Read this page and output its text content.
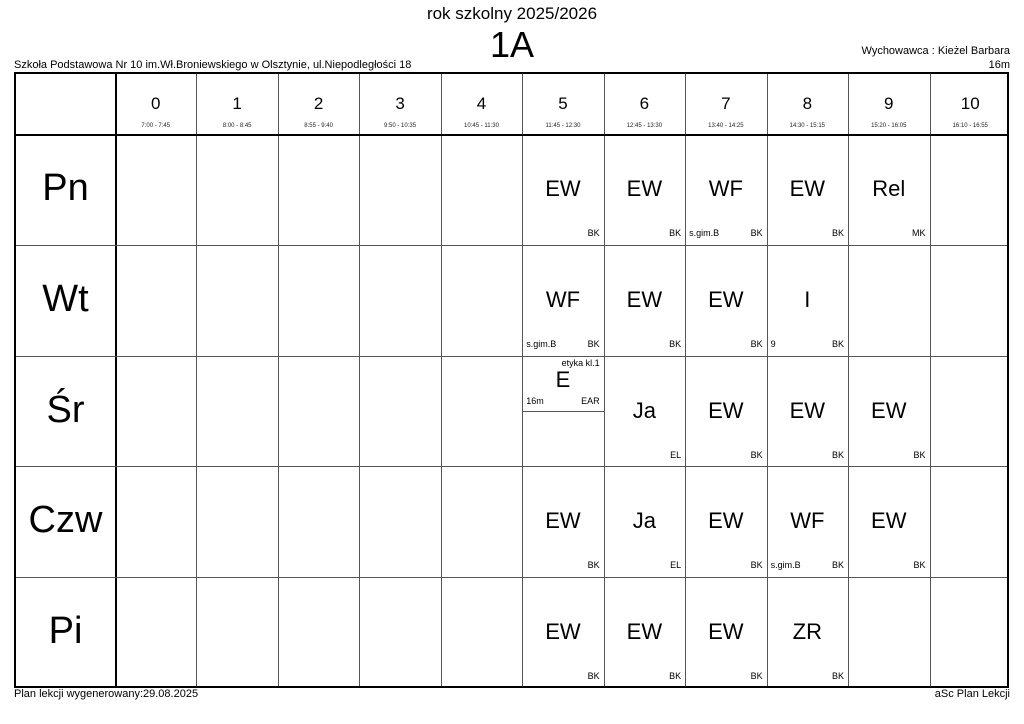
rok szkolny 2025/2026
1A
Szkoła Podstawowa Nr 10 im.Wł.Broniewskiego w Olsztynie, ul.Niepodległości 18
Wychowawca : Kieżel Barbara
16m
0
7:00 - 7:45
1
8:00 - 8:45
2
8:55 - 9:40
3
9:50 - 10:35
4
10:45 - 11:30
5
11:45 - 12:30
6
12:45 - 13:30
7
13:40 - 14:25
8
14:30 - 15:15
9
15:20 - 16:05
10
16:10 - 16:55
Pn
Wt
Śr
Czw
Pi
EW
BK
EW
BK
WF
BK
s.gim.B
EW
BK
Rel
MK
WF
BK
s.gim.B
EW
BK
EW
BK
I
BK
9
etyka kl.1
E
EAR
16m	Ja
EL
EW
BK
EW
BK
EW
BK
EW
BK
Ja
EL
EW
BK
WF
BK
s.gim.B
EW
BK
EW
BK
EW
BK
EW
BK
ZR
BK
Plan lekcji wygenerowany:29.08.2025	aSc Plan Lekcji
